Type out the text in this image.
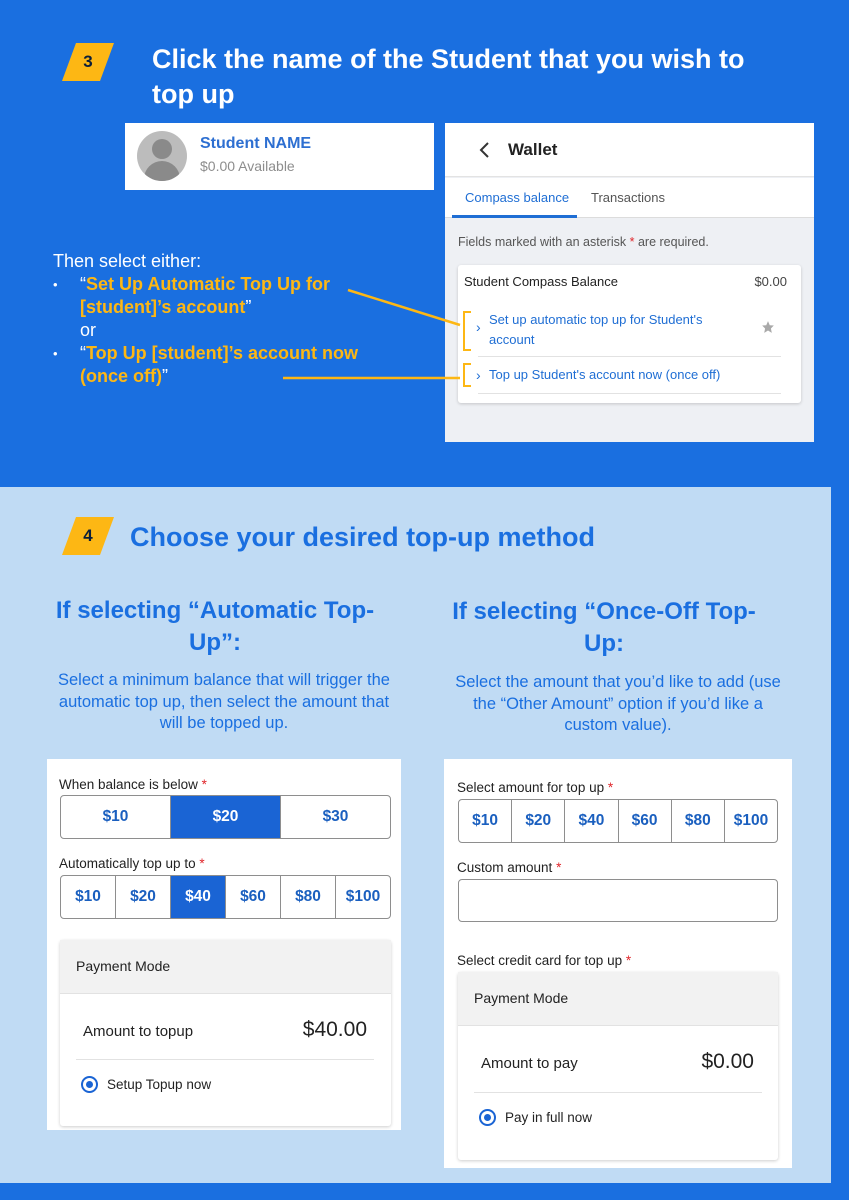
3	Click the name of the Student that you wish to top up
Student NAME
$0.00 Available
Then select either:
• “Set Up Automatic Top Up for [student]’s account”
or
• “Top Up [student]’s account now (once off)”
Wallet
Compass balance Transactions
Fields marked with an asterisk * are required.
Student Compass Balance	$0.00
› Set up automatic top up for Student's account
› Top up Student's account now (once off)
4	Choose your desired top-up method
If selecting “Automatic Top-Up”:
Select a minimum balance that will trigger the automatic top up, then select the amount that will be topped up.
If selecting “Once-Off Top-Up:
Select the amount that you’d like to add (use the “Other Amount” option if you’d like a custom value).
When balance is below *
$10	$20	$30
Automatically top up to *
$10	$20	$40	$60	$80	$100
Payment Mode
Amount to topup	$40.00
Setup Topup now
Select amount for top up *
$10	$20	$40	$60	$80	$100
Custom amount *
Select credit card for top up *
Payment Mode
Amount to pay	$0.00
Pay in full now
